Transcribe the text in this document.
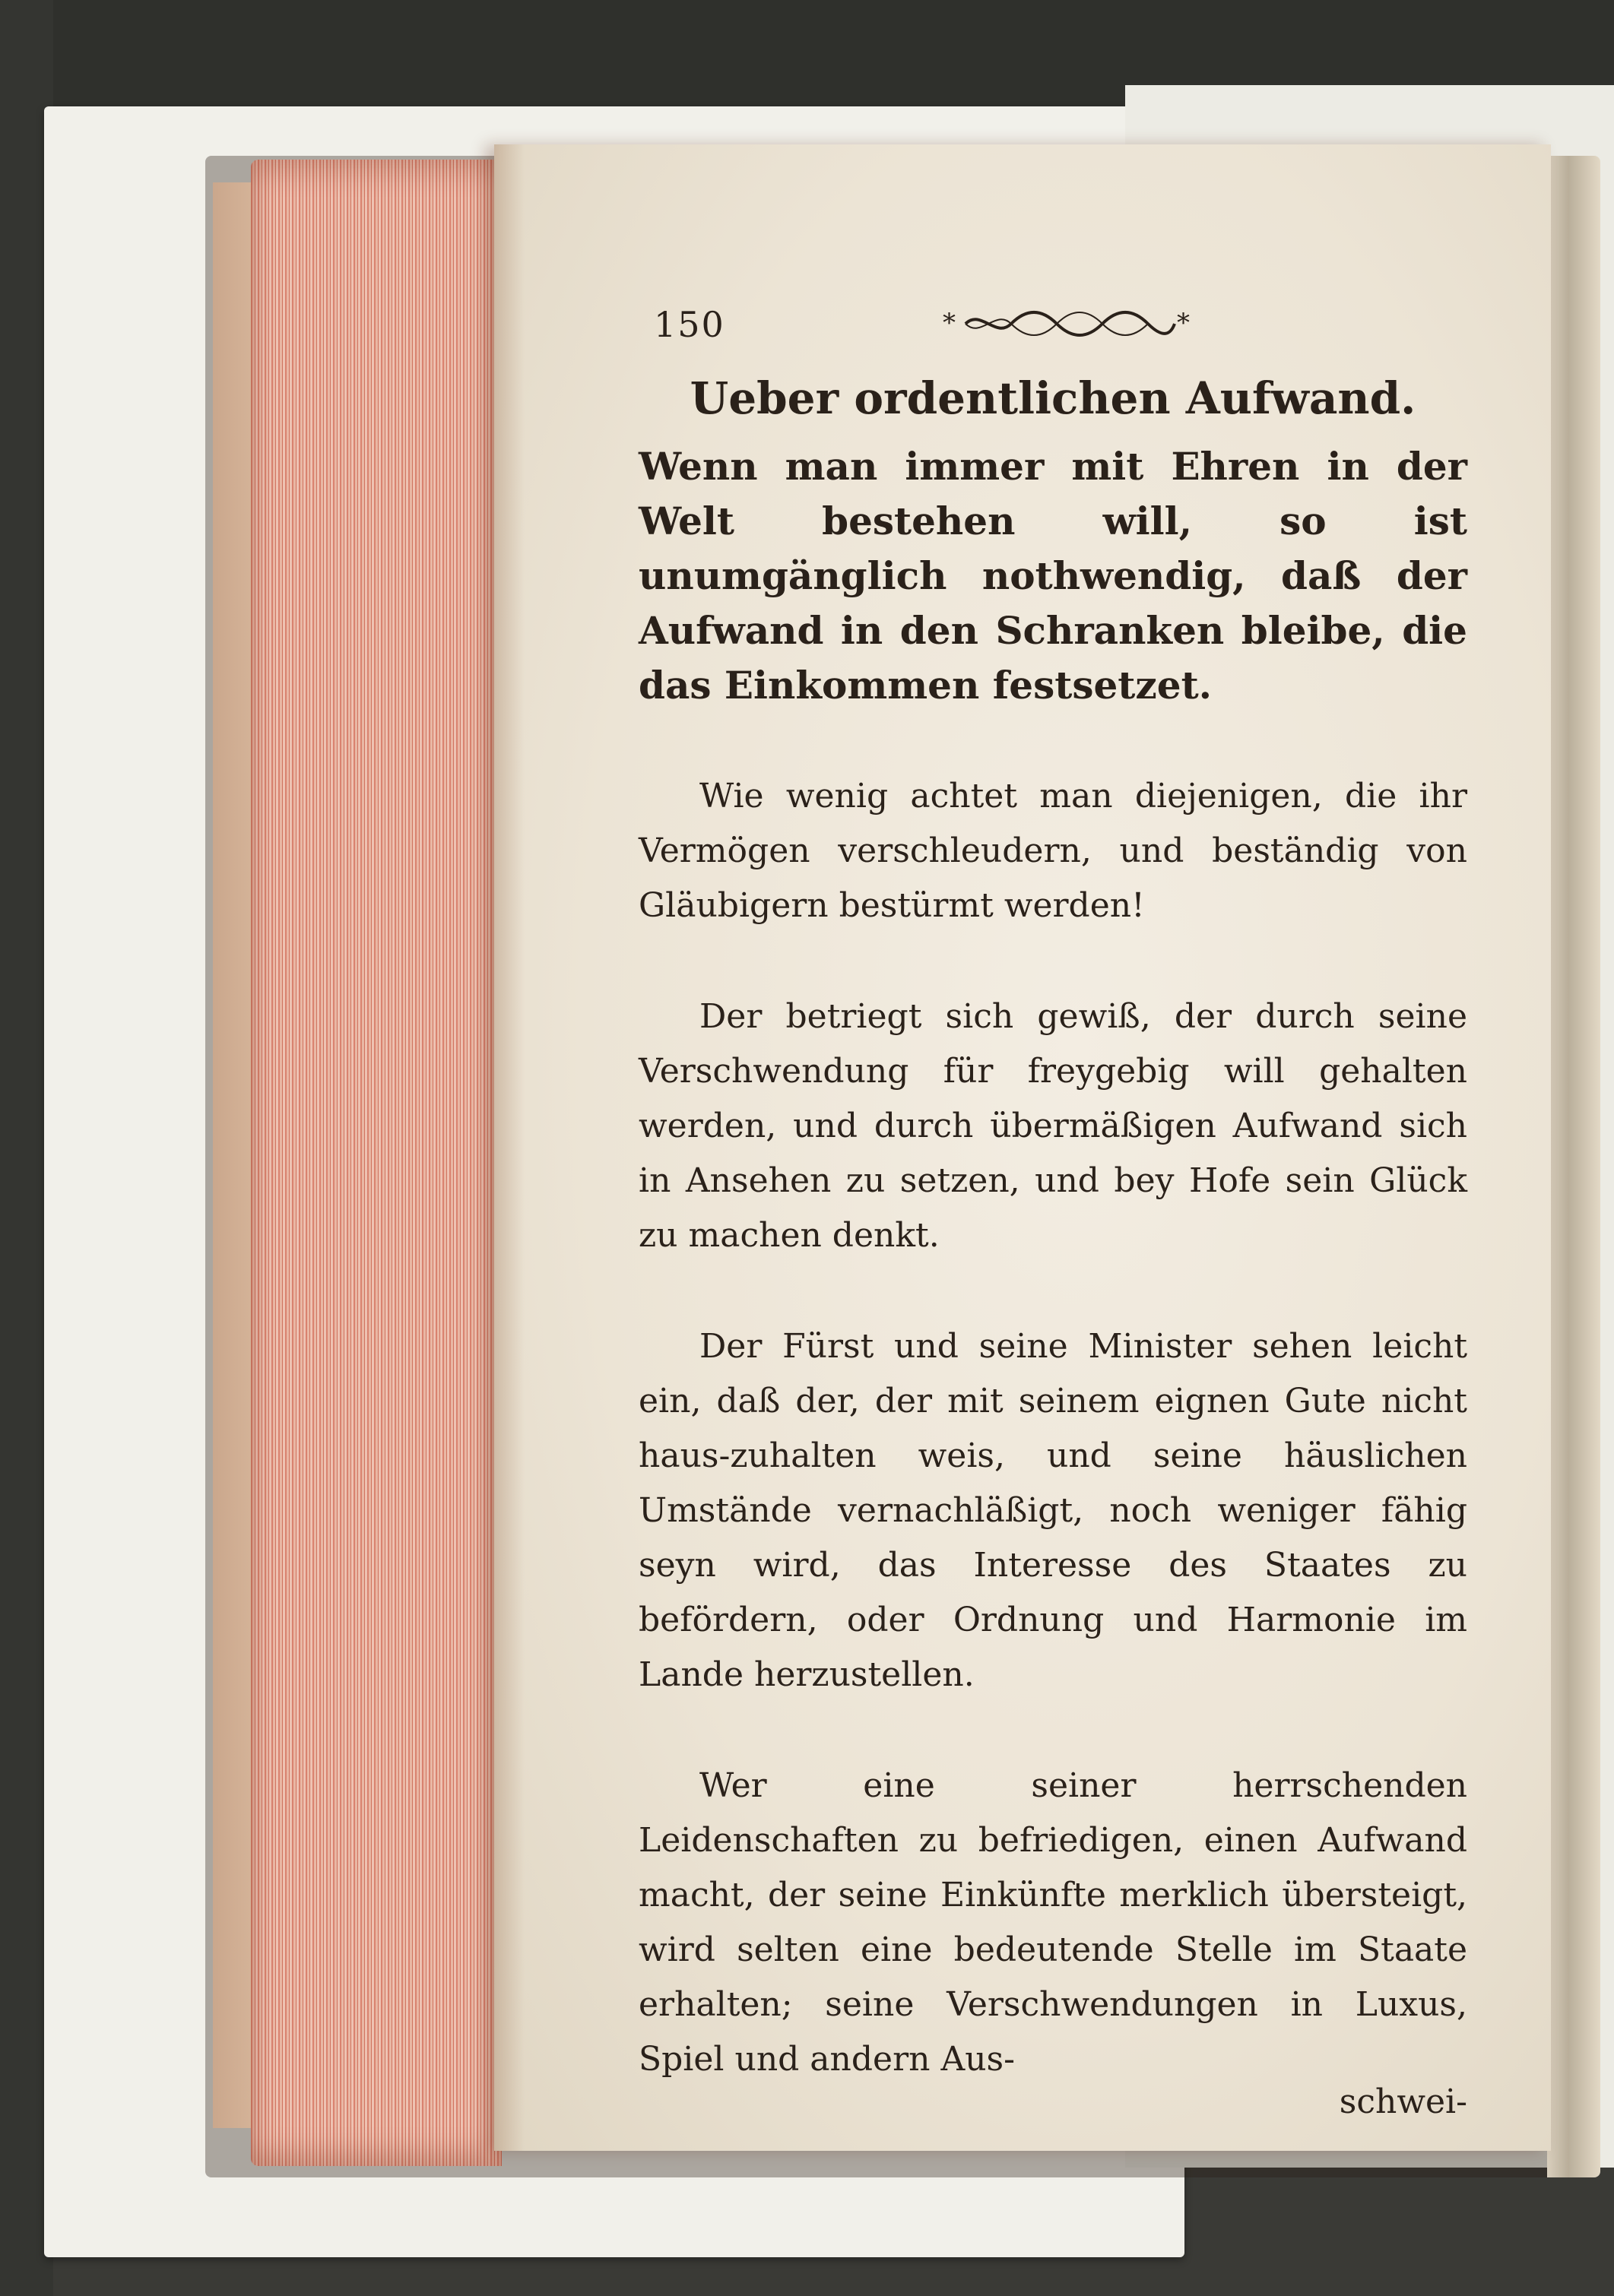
150	*	*
Ueber ordentlichen Aufwand.

Wenn man immer mit Ehren in der Welt bestehen will, so ist unumgänglich nothwendig, daß der Aufwand in den Schranken bleibe, die das Einkommen festsetzet.

Wie wenig achtet man diejenigen, die ihr Vermögen verschleudern, und beständig von Gläubigern bestürmt werden!

Der betriegt sich gewiß, der durch seine Verschwendung für freygebig will gehalten werden, und durch übermäßigen Aufwand sich in Ansehen zu setzen, und bey Hofe sein Glück zu machen denkt.

Der Fürst und seine Minister sehen leicht ein, daß der, der mit seinem eignen Gute nicht haus-zuhalten weis, und seine häuslichen Umstände vernachläßigt, noch weniger fähig seyn wird, das Interesse des Staates zu befördern, oder Ordnung und Harmonie im Lande herzustellen.

Wer eine seiner herrschenden Leidenschaften zu befriedigen, einen Aufwand macht, der seine Einkünfte merklich übersteigt, wird selten eine bedeutende Stelle im Staate erhalten; seine Verschwendungen in Luxus, Spiel und andern Aus-

schwei-
